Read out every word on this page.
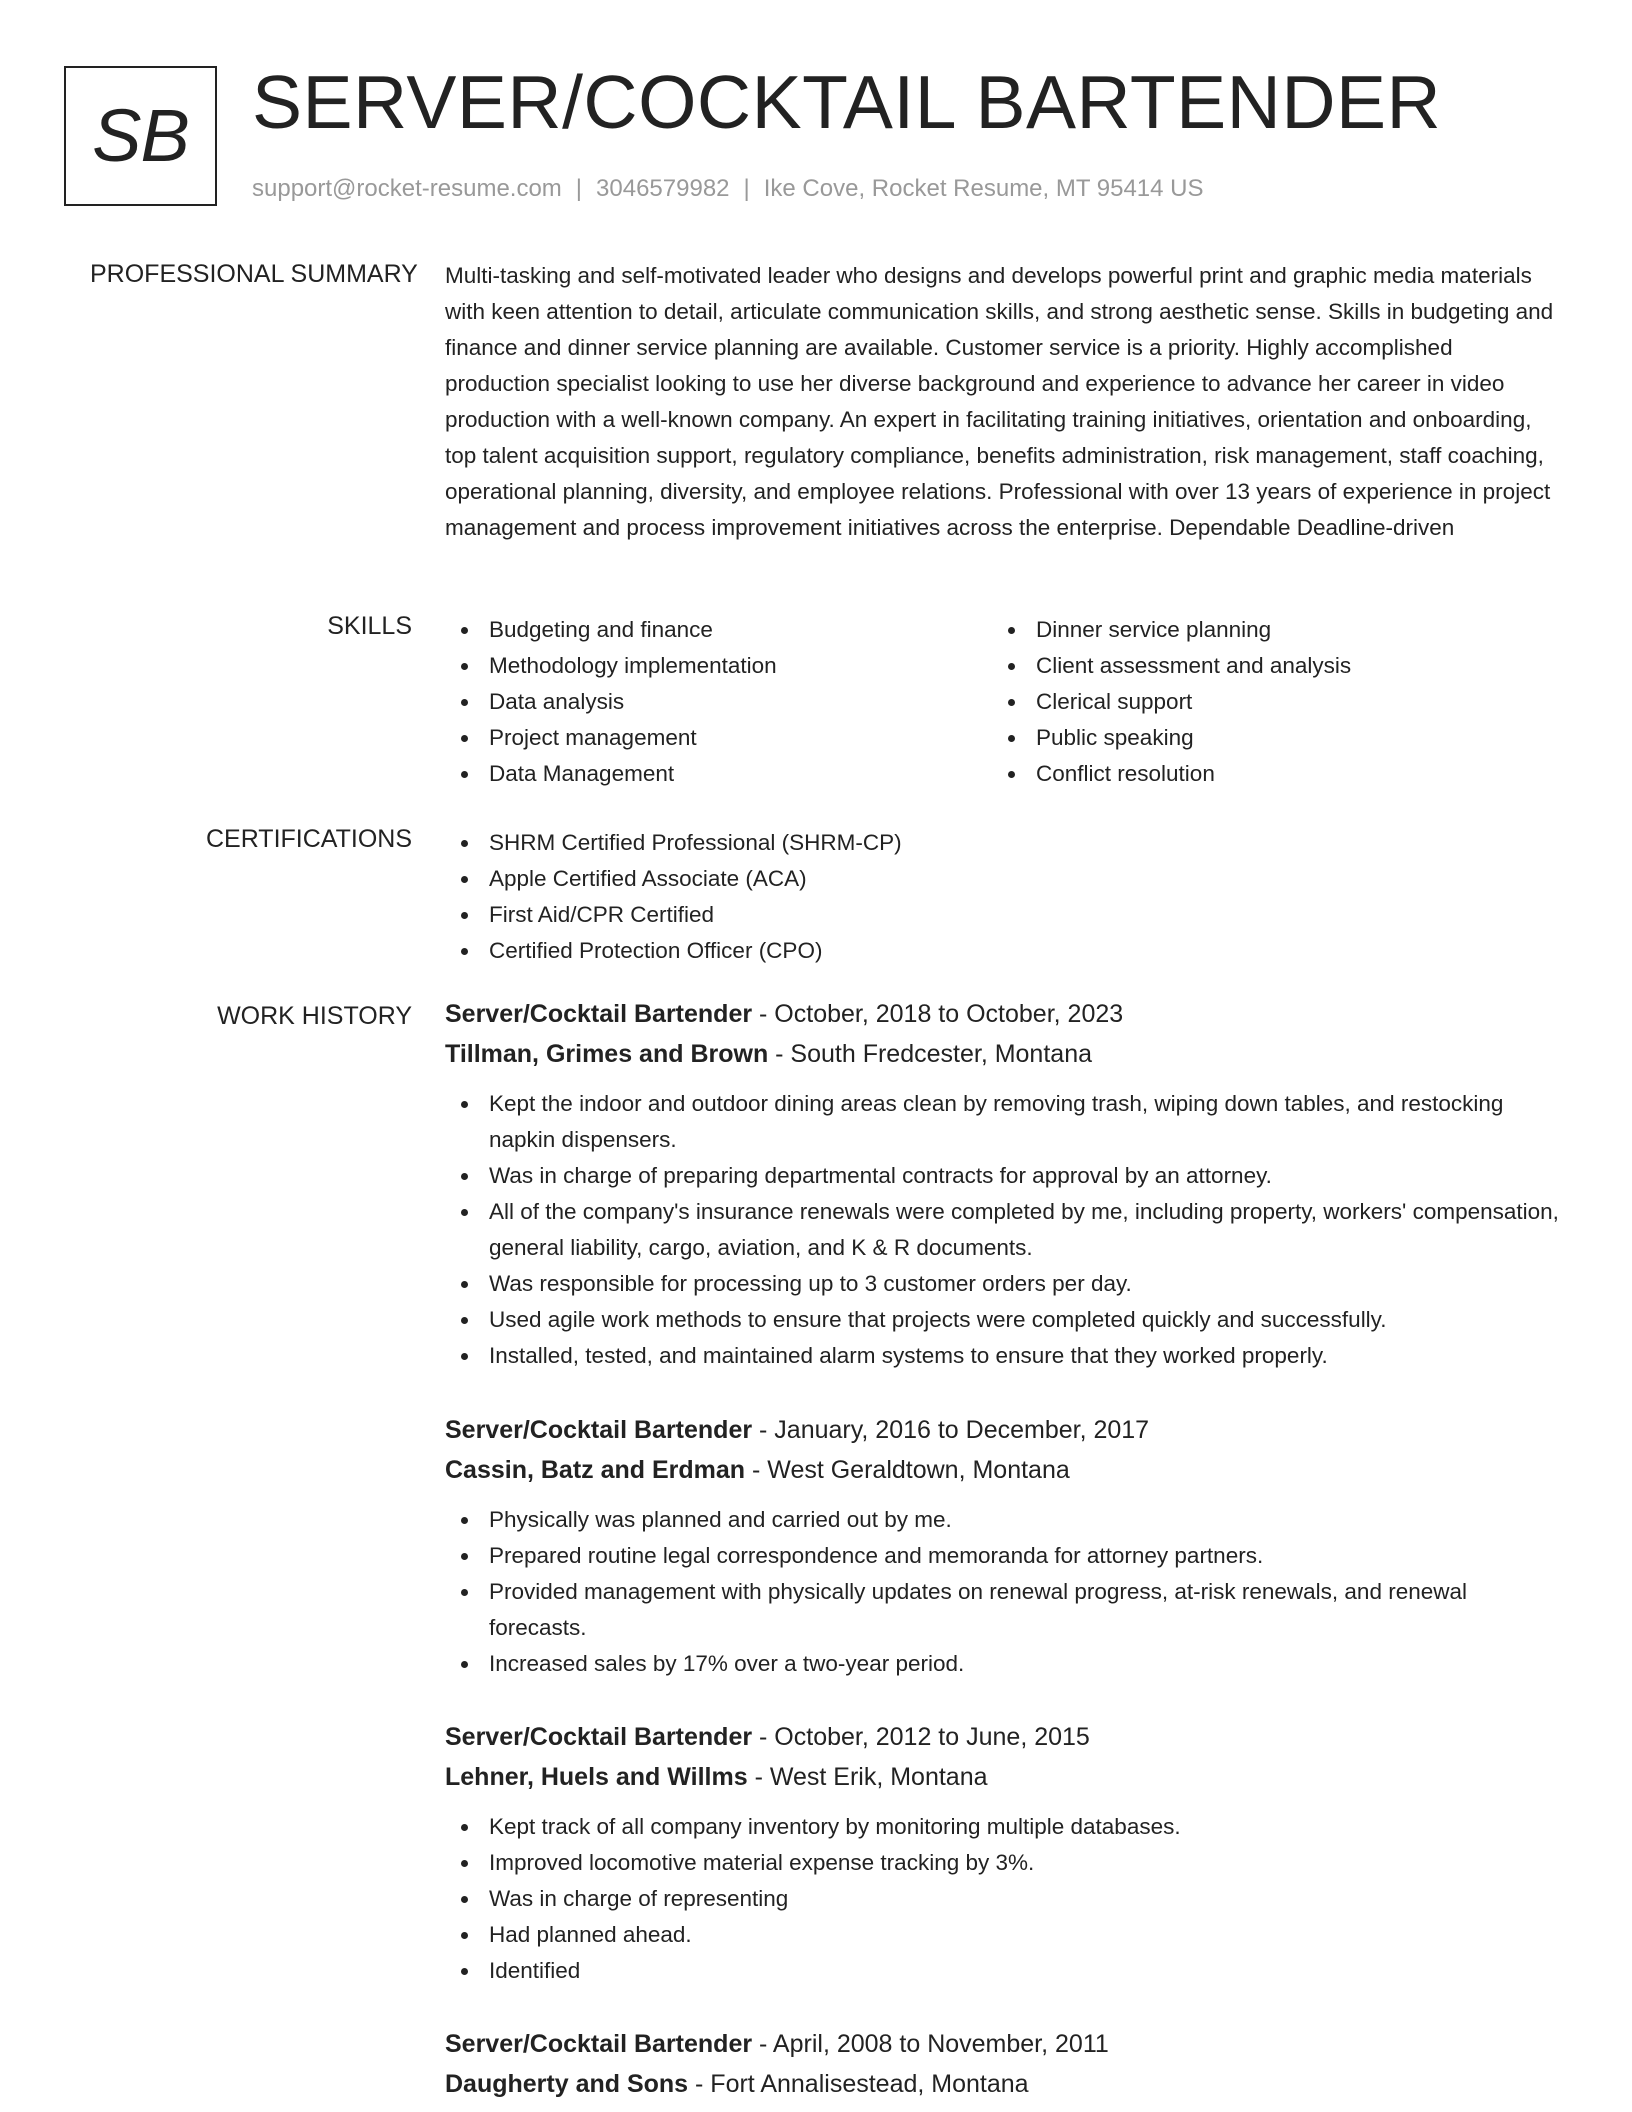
SB SERVER/COCKTAIL BARTENDER
support@rocket-resume.com | 3046579982 | Ike Cove, Rocket Resume, MT 95414 US
PROFESSIONAL SUMMARY Multi-tasking and self-motivated leader who designs and develops powerful print and graphic media materials with keen attention to detail, articulate communication skills, and strong aesthetic sense. Skills in budgeting and finance and dinner service planning are available. Customer service is a priority. Highly accomplished production specialist looking to use her diverse background and experience to advance her career in video production with a well-known company. An expert in facilitating training initiatives, orientation and onboarding, top talent acquisition support, regulatory compliance, benefits administration, risk management, staff coaching, operational planning, diversity, and employee relations. Professional with over 13 years of experience in project management and process improvement initiatives across the enterprise. Dependable Deadline-driven

SKILLS	Budgeting and finance
Methodology implementation
Data analysis
Project management
Data Management
Dinner service planning
Client assessment and analysis
Clerical support
Public speaking
Conflict resolution
CERTIFICATIONS	SHRM Certified Professional (SHRM-CP)
Apple Certified Associate (ACA)
First Aid/CPR Certified
Certified Protection Officer (CPO)
WORK HISTORY Server/Cocktail Bartender - October, 2018 to October, 2023
Tillman, Grimes and Brown - South Fredcester, Montana
Kept the indoor and outdoor dining areas clean by removing trash, wiping down tables, and restocking napkin dispensers.
Was in charge of preparing departmental contracts for approval by an attorney.
All of the company's insurance renewals were completed by me, including property, workers' compensation, general liability, cargo, aviation, and K & R documents.
Was responsible for processing up to 3 customer orders per day.
Used agile work methods to ensure that projects were completed quickly and successfully.
Installed, tested, and maintained alarm systems to ensure that they worked properly.
Server/Cocktail Bartender - January, 2016 to December, 2017
Cassin, Batz and Erdman - West Geraldtown, Montana
Physically was planned and carried out by me.
Prepared routine legal correspondence and memoranda for attorney partners.
Provided management with physically updates on renewal progress, at-risk renewals, and renewal forecasts.
Increased sales by 17% over a two-year period.
Server/Cocktail Bartender - October, 2012 to June, 2015
Lehner, Huels and Willms - West Erik, Montana
Kept track of all company inventory by monitoring multiple databases.
Improved locomotive material expense tracking by 3%.
Was in charge of representing
Had planned ahead.
Identified
Server/Cocktail Bartender - April, 2008 to November, 2011
Daugherty and Sons - Fort Annalisestead, Montana
